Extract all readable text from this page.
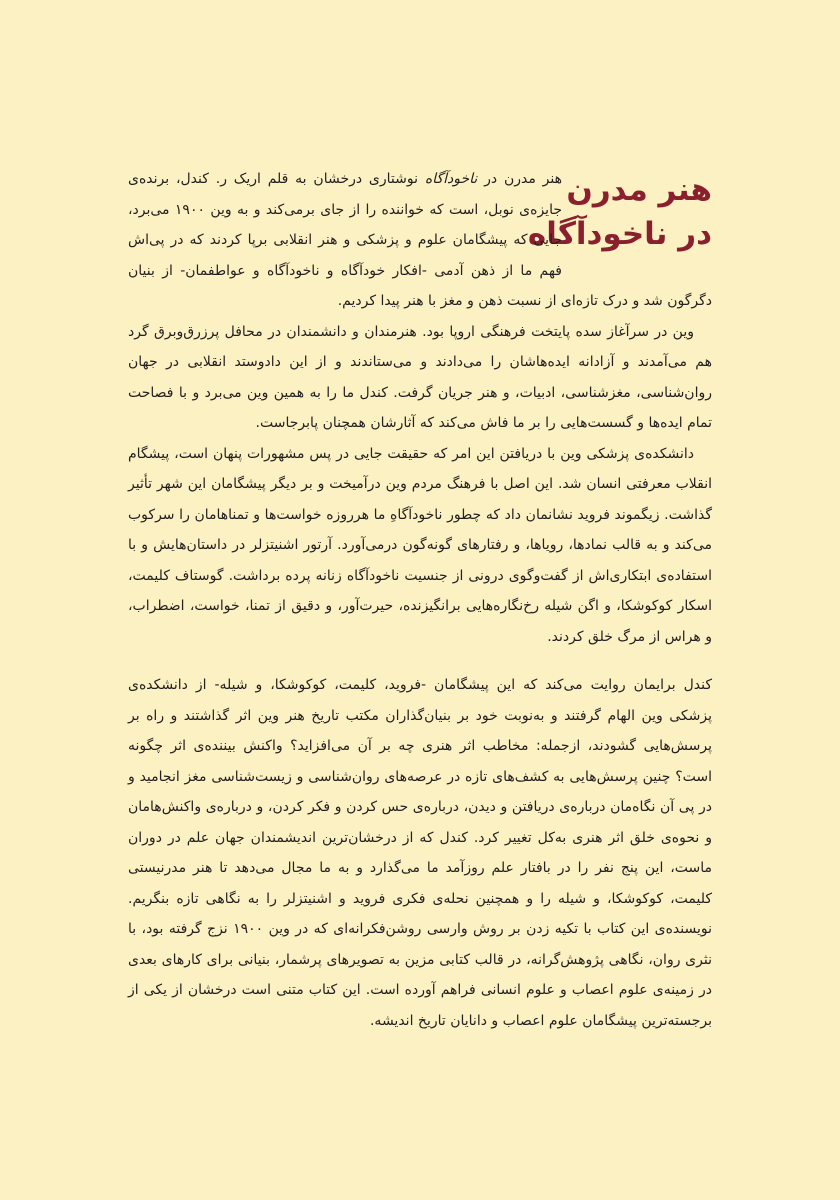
هنر مدرن
در ناخودآگاه

هنر مدرن در ناخودآگاه نوشتاری درخشان به قلم اریک ر. کندل، برنده‌ی جایزه‌ی نوبل، است که خواننده را از جای برمی‌کند و به وین ۱۹۰۰ می‌برد، جایی که پیشگامان علوم و پزشکی و هنر انقلابی برپا کردند که در پی‌اش فهم ما از ذهن آدمی -افکار خودآگاه و ناخودآگاه و عواطفمان- از بنیان دگرگون شد و درک تازه‌ای از نسبت ذهن و مغز با هنر پیدا کردیم.

وین در سرآغاز سده پایتخت فرهنگی اروپا بود. هنرمندان و دانشمندان در محافل پرزرق‌وبرق گرد هم می‌آمدند و آزادانه ایده‌هاشان را می‌دادند و می‌ستاندند و از این دادوستد انقلابی در جهان روان‌شناسی، مغزشناسی، ادبیات، و هنر جریان گرفت. کندل ما را به همین وین می‌برد و با فصاحت تمام ایده‌ها و گسست‌هایی را بر ما فاش می‌کند که آثارشان همچنان پابرجاست.

دانشکده‌ی پزشکی وین با دریافتن این امر که حقیقت جایی در پس مشهورات پنهان است، پیشگام انقلاب معرفتی انسان شد. این اصل با فرهنگ مردم وین درآمیخت و بر دیگر پیشگامان این شهر تأثیر گذاشت. زیگموند فروید نشانمان داد که چطور ناخودآگاهِ ما هرروزه خواست‌ها و تمناهامان را سرکوب می‌کند و به قالب نمادها، رویاها، و رفتارهای گونه‌گون درمی‌آورد. آرتور اشنیتزلر در داستان‌هایش و با استفاده‌ی ابتکاری‌اش از گفت‌وگوی درونی از جنسیت ناخودآگاه زنانه پرده برداشت. گوستاف کلیمت، اسکار کوکوشکا، و اگن شیله رخ‌نگاره‌هایی برانگیزنده، حیرت‌آور، و دقیق از تمنا، خواست، اضطراب، و هراس از مرگ خلق کردند.

کندل برایمان روایت می‌کند که این پیشگامان -فروید، کلیمت، کوکوشکا، و شیله- از دانشکده‌ی پزشکی وین الهام گرفتند و به‌نوبت خود بر بنیان‌گذاران مکتب تاریخ هنر وین اثر گذاشتند و راه بر پرسش‌هایی گشودند، ازجمله: مخاطب اثر هنری چه بر آن می‌افزاید؟ واکنش بیننده‌ی اثر چگونه است؟ چنین پرسش‌هایی به کشف‌های تازه در عرصه‌های روان‌شناسی و زیست‌شناسی مغز انجامید و در پی آن نگاه‌مان درباره‌ی دریافتن و دیدن، درباره‌ی حس کردن و فکر کردن، و درباره‌ی واکنش‌هامان و نحوه‌ی خلق اثر هنری به‌کل تغییر کرد. کندل که از درخشان‌ترین اندیشمندان جهان علم در دوران ماست، این پنج نفر را در بافتار علم روزآمد ما می‌گذارد و به ما مجال می‌دهد تا هنر مدرنیستی کلیمت، کوکوشکا، و شیله را و همچنین نحله‌ی فکری فروید و اشنیتزلر را به نگاهی تازه بنگریم. نویسنده‌ی این کتاب با تکیه زدن بر روش وارسی روشن‌فکرانه‌ای که در وین ۱۹۰۰ نزج گرفته بود، با نثری روان، نگاهی پژوهش‌گرانه، در قالب کتابی مزین به تصویرهای پرشمار، بنیانی برای کارهای بعدی در زمینه‌ی علوم اعصاب و علوم انسانی فراهم آورده است. این کتاب متنی است درخشان از یکی از برجسته‌ترین پیشگامان علوم اعصاب و دانایان تاریخ اندیشه.
